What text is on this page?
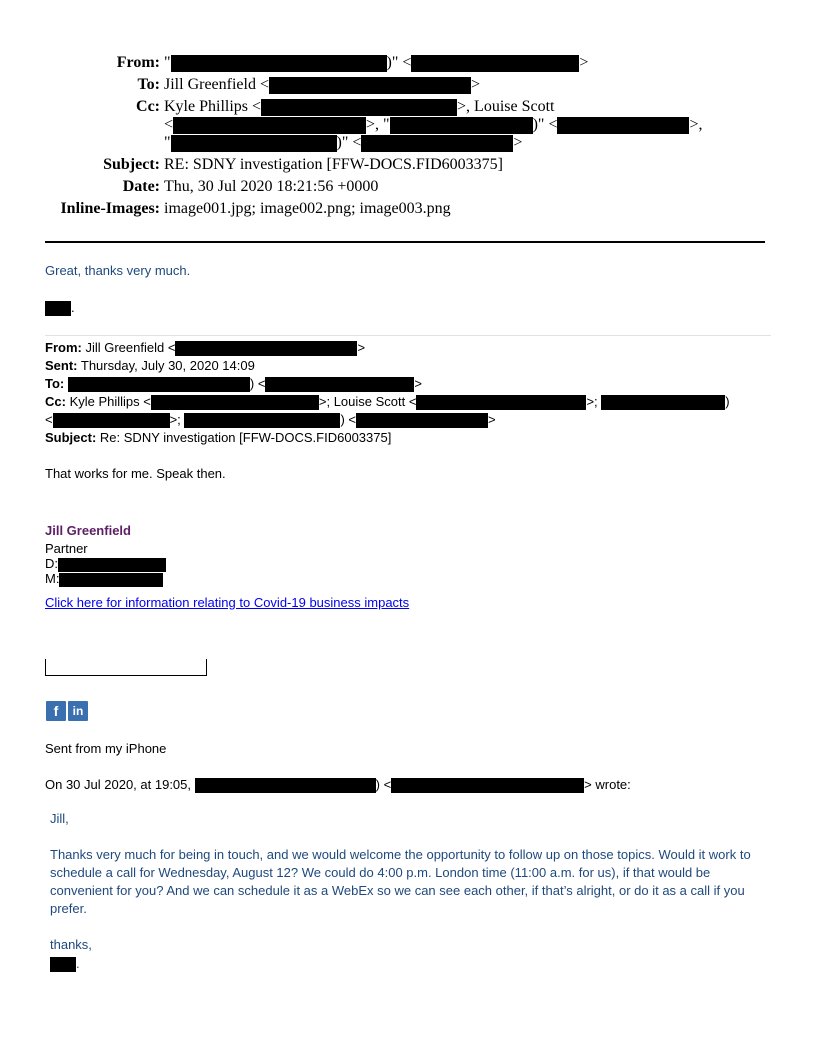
From: "	)" <	>
To: Jill Greenfield <	>
Cc: Kyle Phillips <	>, Louise Scott
<	>, "	)" <	>,
"	)" <	>
Subject: RE: SDNY investigation [FFW-DOCS.FID6003375]
Date: Thu, 30 Jul 2020 18:21:56 +0000
Inline-Images: image001.jpg; image002.png; image003.png
Great, thanks very much.
.
From: Jill Greenfield <	>
Sent: Thursday, July 30, 2020 14:09
To:	) <	>
Cc: Kyle Phillips <	>; Louise Scott <	>;	)
<	>;	) <	>
Subject: Re: SDNY investigation [FFW-DOCS.FID6003375]
That works for me. Speak then.
Jill Greenfield
Partner
D:
M:
Click here for information relating to Covid-19 business impacts
f	in
Sent from my iPhone
On 30 Jul 2020, at 19:05,	) <	> wrote:
Jill,
Thanks very much for being in touch, and we would welcome the opportunity to follow up on those topics. Would it work to schedule a call for Wednesday, August 12? We could do 4:00 p.m. London time (11:00 a.m. for us), if that would be convenient for you? And we can schedule it as a WebEx so we can see each other, if that’s alright, or do it as a call if you prefer.
thanks,
.
